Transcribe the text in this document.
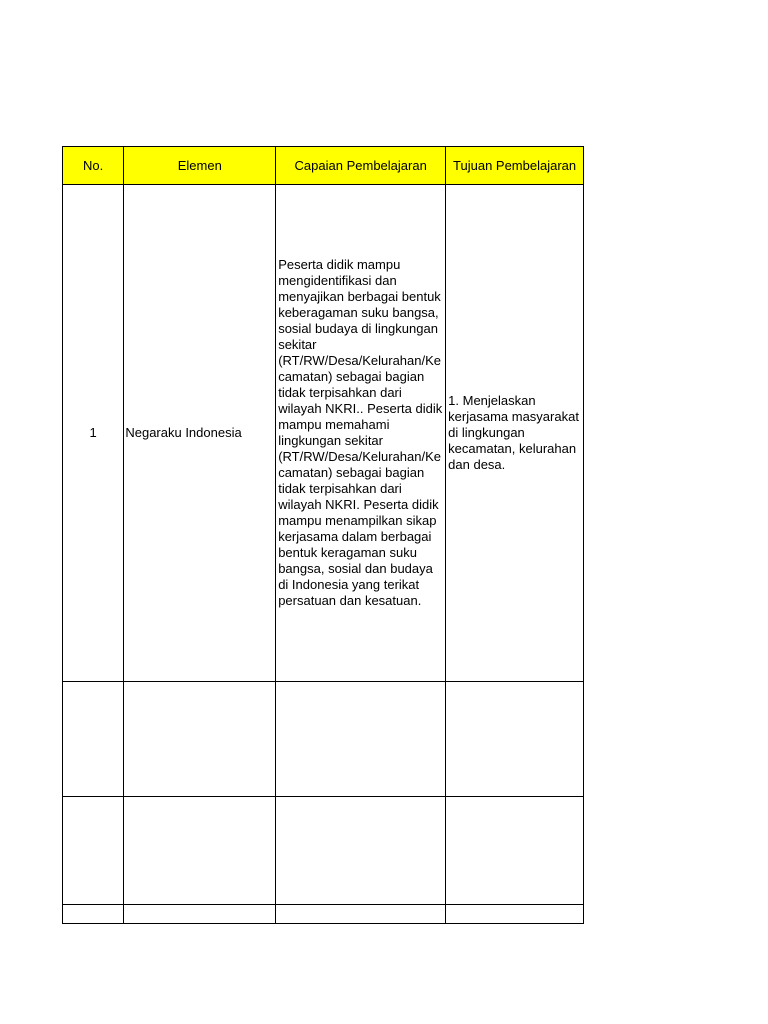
No.	Elemen	Capaian Pembelajaran	Tujuan Pembelajaran
1	Negaraku Indonesia	Peserta didik mampu mengidentifikasi dan menyajikan berbagai bentuk keberagaman suku bangsa, sosial budaya di lingkungan sekitar (RT/RW/Desa/Kelurahan/Kecamatan) sebagai bagian tidak terpisahkan dari wilayah NKRI.. Peserta didik mampu memahami lingkungan sekitar (RT/RW/Desa/Kelurahan/Kecamatan) sebagai bagian tidak terpisahkan dari wilayah NKRI. Peserta didik mampu menampilkan sikap kerjasama dalam berbagai bentuk keragaman suku bangsa, sosial dan budaya di Indonesia yang terikat persatuan dan kesatuan.	1. Menjelaskan kerjasama masyarakat di lingkungan kecamatan, kelurahan dan desa.
